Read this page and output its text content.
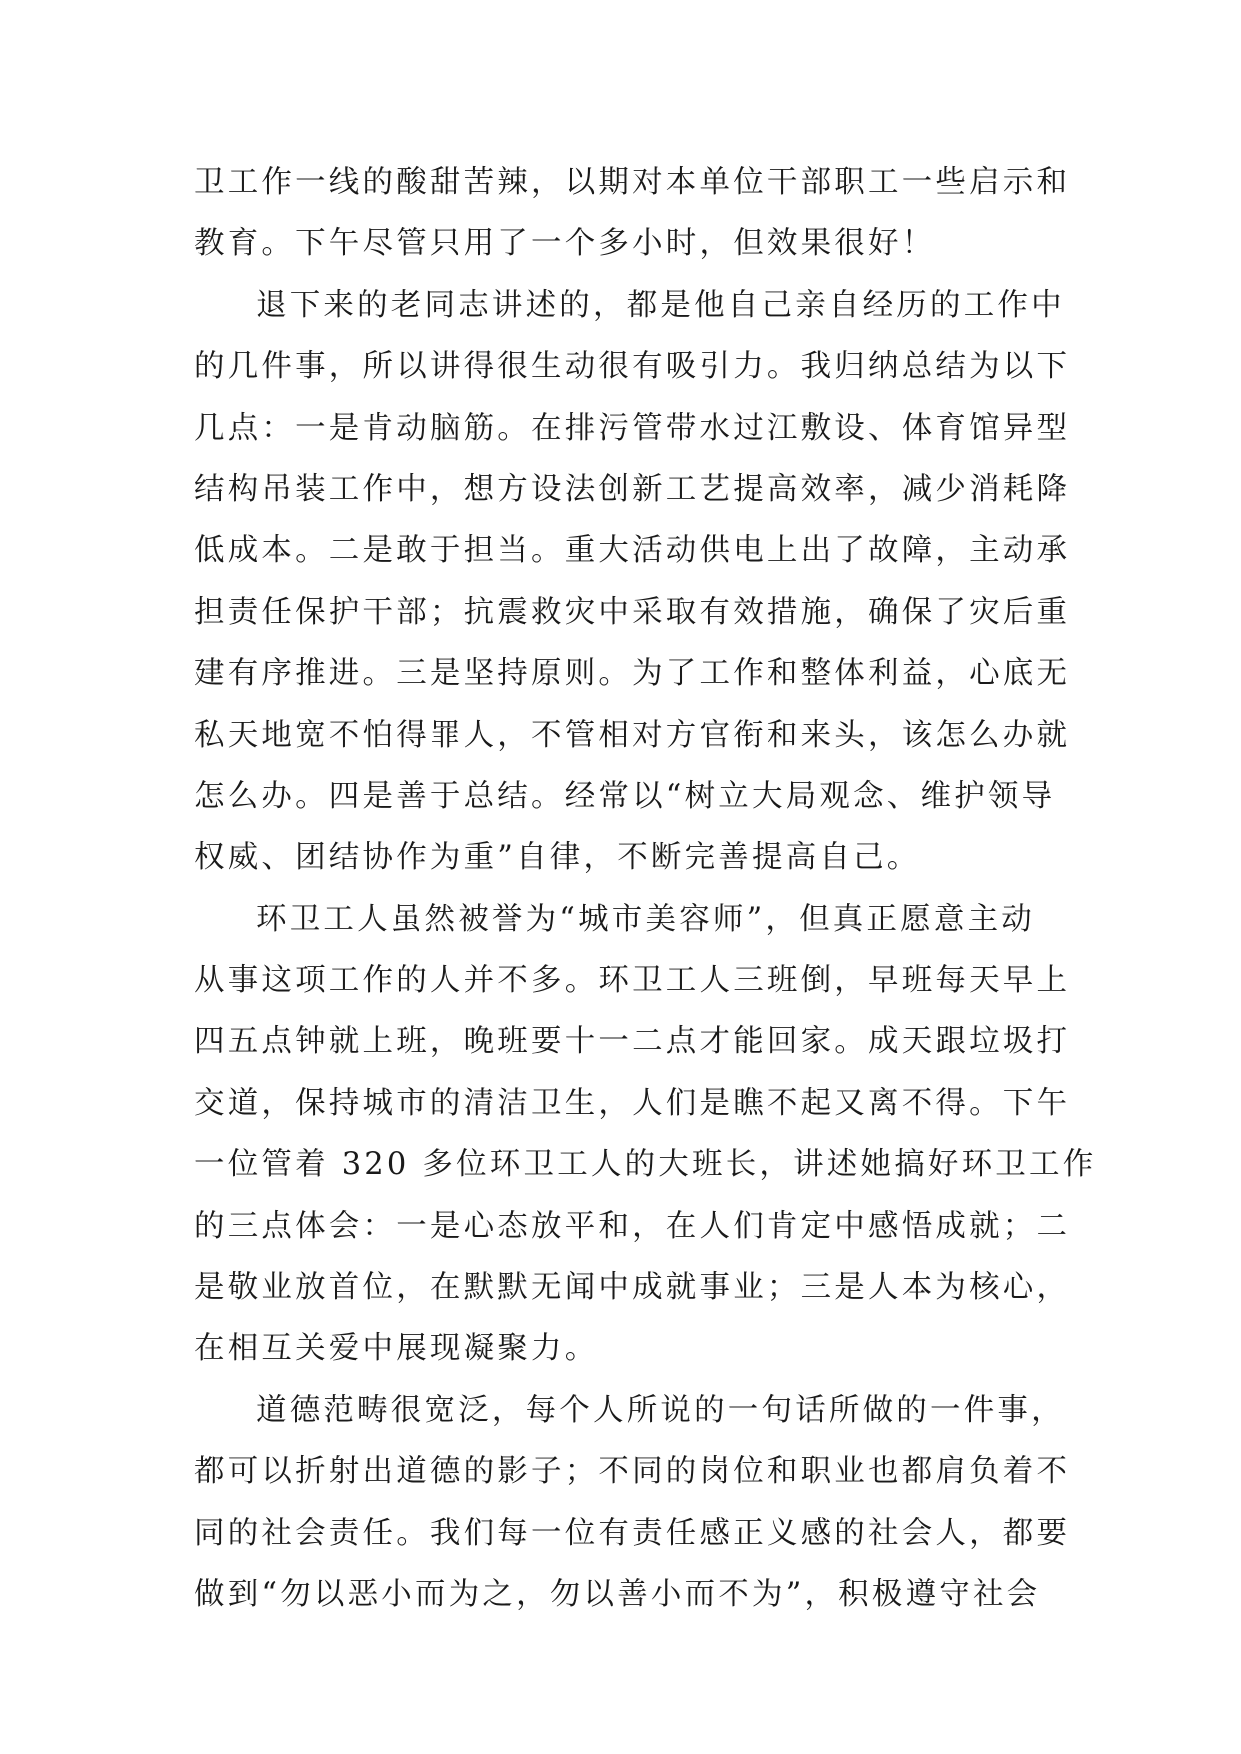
卫工作一线的酸甜苦辣，以期对本单位干部职工一些启示和
教育。下午尽管只用了一个多小时，但效果很好！
退下来的老同志讲述的，都是他自己亲自经历的工作中
的几件事，所以讲得很生动很有吸引力。我归纳总结为以下
几点：一是肯动脑筋。在排污管带水过江敷设、体育馆异型
结构吊装工作中，想方设法创新工艺提高效率，减少消耗降
低成本。二是敢于担当。重大活动供电上出了故障，主动承
担责任保护干部；抗震救灾中采取有效措施，确保了灾后重
建有序推进。三是坚持原则。为了工作和整体利益，心底无
私天地宽不怕得罪人，不管相对方官衔和来头，该怎么办就
怎么办。四是善于总结。经常以“树立大局观念、维护领导
权威、团结协作为重”自律，不断完善提高自己。
环卫工人虽然被誉为“城市美容师”，但真正愿意主动
从事这项工作的人并不多。环卫工人三班倒，早班每天早上
四五点钟就上班，晚班要十一二点才能回家。成天跟垃圾打
交道，保持城市的清洁卫生，人们是瞧不起又离不得。下午
一位管着 320 多位环卫工人的大班长，讲述她搞好环卫工作
的三点体会：一是心态放平和，在人们肯定中感悟成就；二
是敬业放首位，在默默无闻中成就事业；三是人本为核心，
在相互关爱中展现凝聚力。
道德范畴很宽泛，每个人所说的一句话所做的一件事，
都可以折射出道德的影子；不同的岗位和职业也都肩负着不
同的社会责任。我们每一位有责任感正义感的社会人，都要
做到“勿以恶小而为之，勿以善小而不为”，积极遵守社会
